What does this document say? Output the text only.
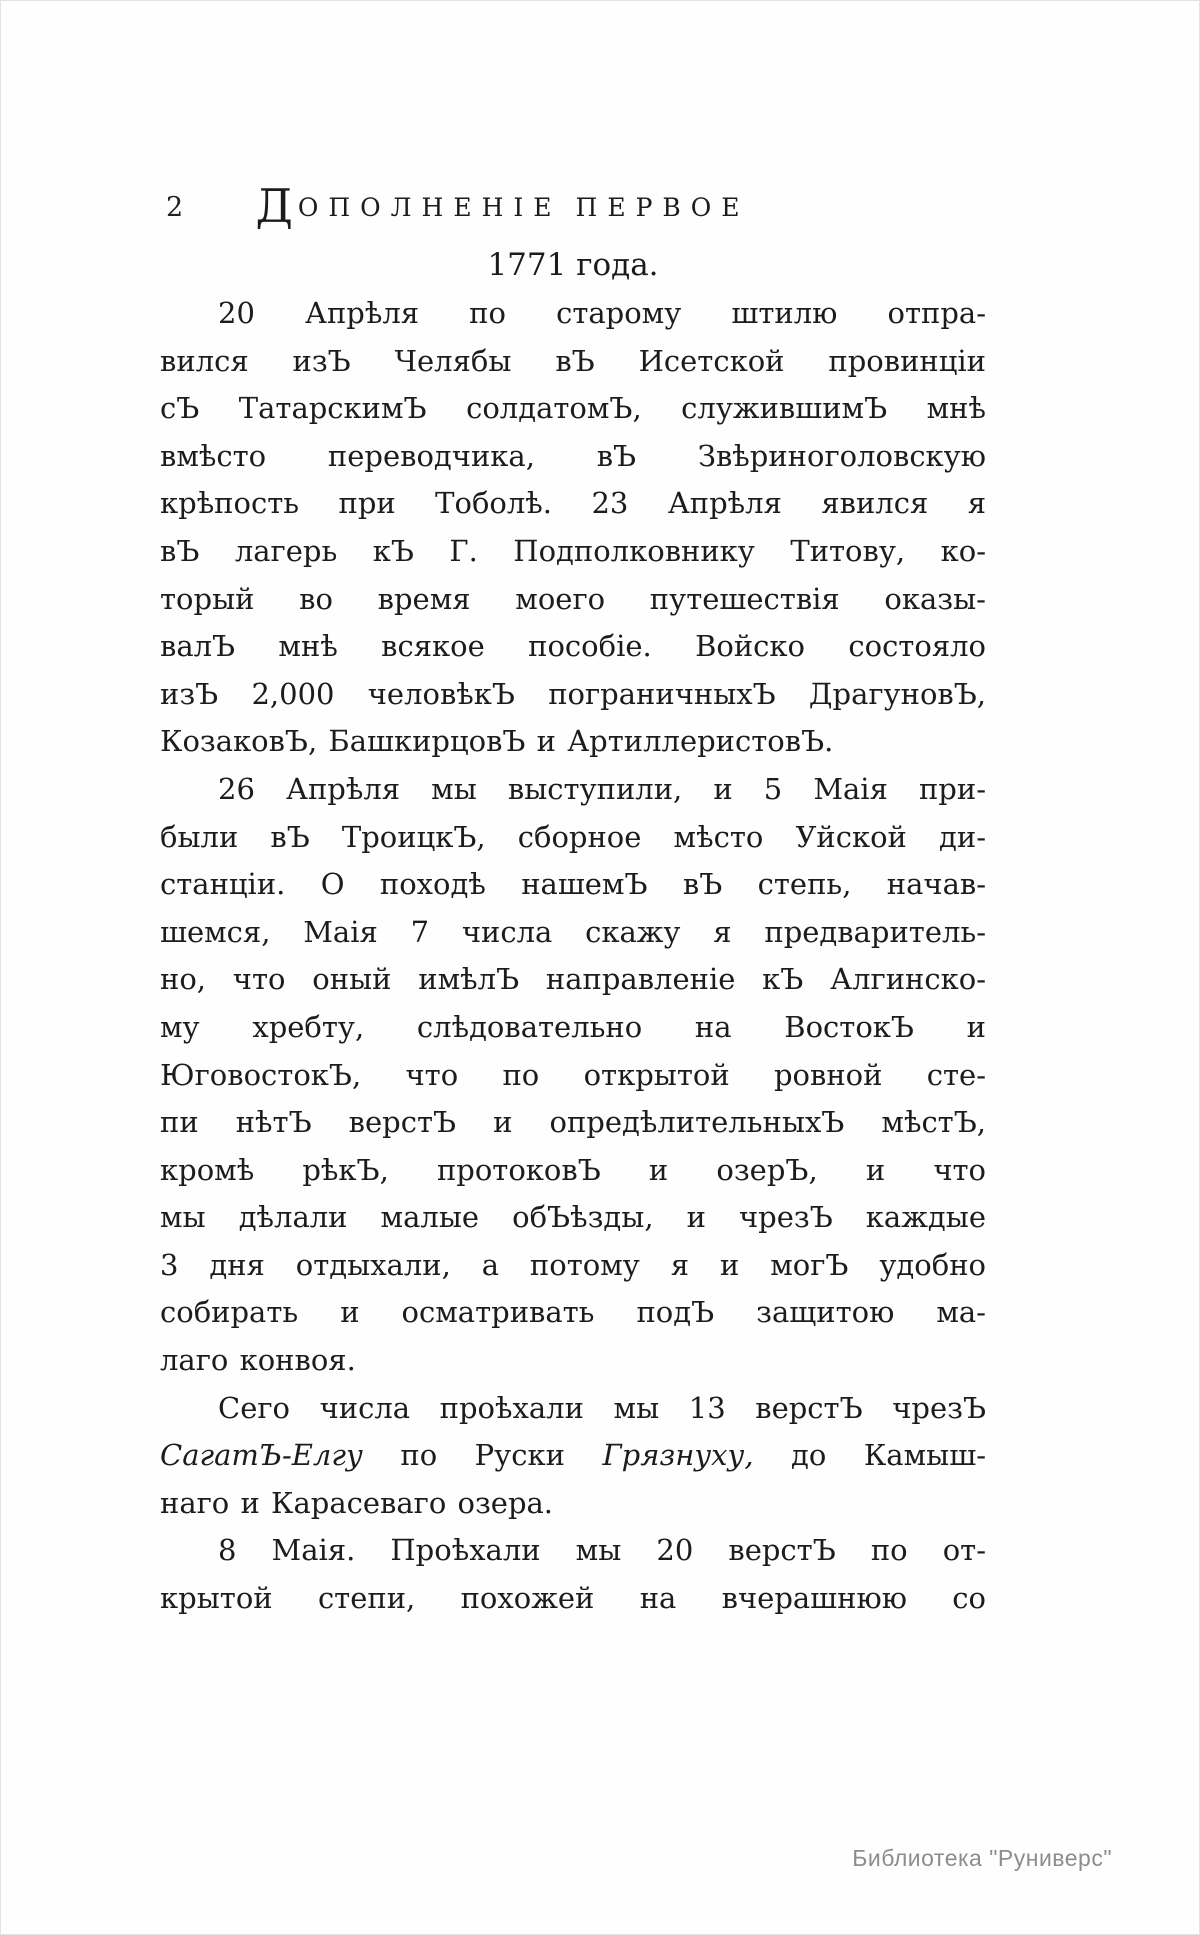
2	ДОПОЛНЕНІЕ ПЕРВОЕ
1771 года.
20 Апрѣля по старому штилю отпра-
вился изЪ Челябы вЪ Исетской провинціи
сЪ ТатарскимЪ солдатомЪ, служившимЪ мнѣ
вмѣсто переводчика, вЪ Звѣриноголовскую
крѣпость при Тоболѣ. 23 Апрѣля явился я
вЪ лагерь кЪ Г. Подполковнику Титову, ко-
торый во время моего путешествія оказы-
валЪ мнѣ всякое пособіе. Войско состояло
изЪ 2,000 человѣкЪ пограничныхЪ ДрагуновЪ,
КозаковЪ, БашкирцовЪ и АртиллеристовЪ.
26 Апрѣля мы выступили, и 5 Маія при-
были вЪ ТроицкЪ, сборное мѣсто Уйской ди-
станціи. О походѣ нашемЪ вЪ степь, начав-
шемся, Маія 7 числа скажу я предваритель-
но, что оный имѣлЪ направленіе кЪ Алгинско-
му хребту, слѣдовательно на ВостокЪ и
ЮговостокЪ, что по открытой ровной сте-
пи нѣтЪ верстЪ и опредѣлительныхЪ мѣстЪ,
кромѣ рѣкЪ, протоковЪ и озерЪ, и что
мы дѣлали малые обЪѣзды, и чрезЪ каждые
3 дня отдыхали, а потому я и могЪ удобно
собирать и осматривать подЪ защитою ма-
лаго конвоя.
Сего числа проѣхали мы 13 верстЪ чрезЪ
СагатЪ-Елгу по Руски Грязнуху, до Камыш-
наго и Карасеваго озера.
8 Маія. Проѣхали мы 20 верстЪ по от-
крытой степи, похожей на вчерашнюю со
Библиотека "Руниверс"
